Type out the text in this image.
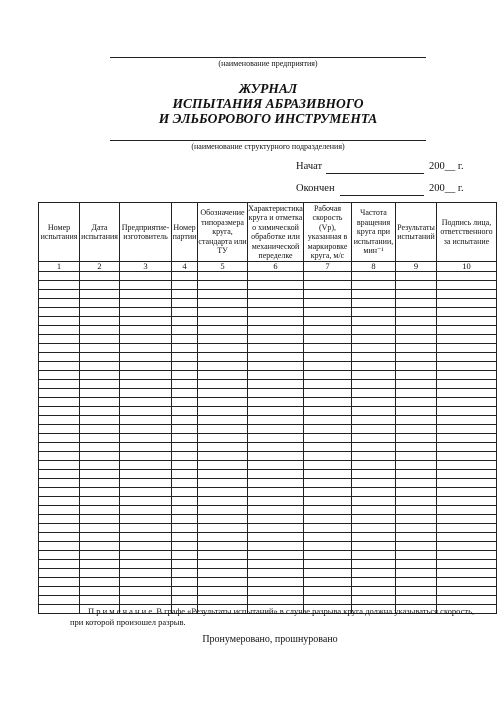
(наименование предприятия)
ЖУРНАЛ
ИСПЫТАНИЯ АБРАЗИВНОГО
И ЭЛЬБОРОВОГО ИНСТРУМЕНТА
(наименование структурного подразделения)
Начат	200__ г.
Окончен	200__ г.
Номер испытания	Дата испытания	Предприятие-изготовитель	Номер партии	Обозначение типоразмера круга, стандарта или ТУ	Характеристика круга и отметка о химической обработке или механической переделке	Рабочая скорость (Vр), указанная в маркировке круга, м/с	Частота вращения круга при испытании, мин⁻¹	Результаты испытаний	Подпись лица, ответственного за испытание
1	2	3	4	5	6	7	8	9	10

П р и м е ч а н и е. В графе «Результаты испытаний» в случае разрыва круга должна указываться скорость,
при которой произошел разрыв.
Пронумеровано, прошнуровано
